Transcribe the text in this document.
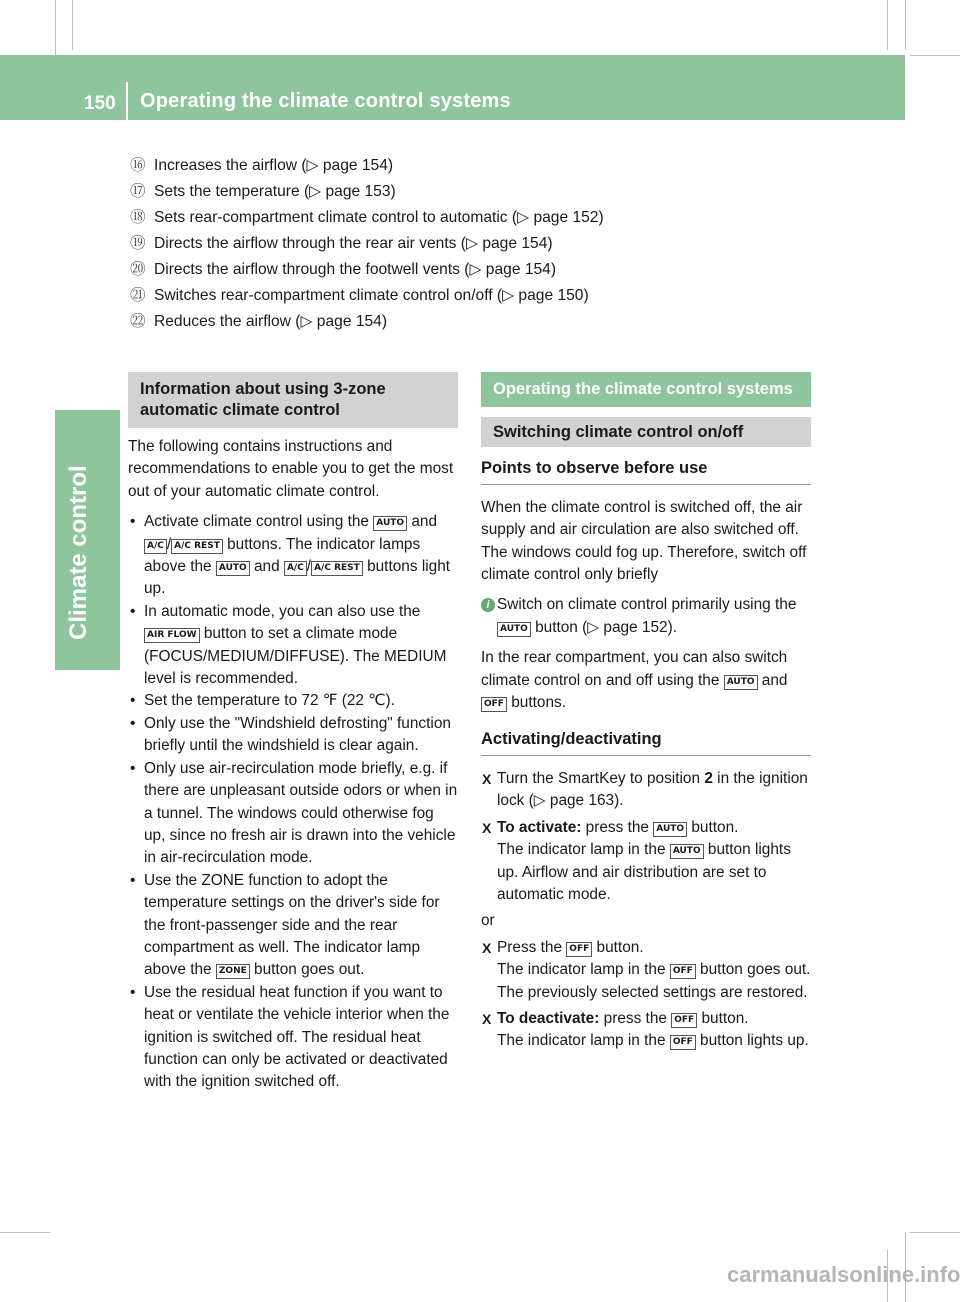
Climate control
150 Operating the climate control systems
⑯ Increases the airflow (▷ page 154)
⑰ Sets the temperature (▷ page 153)
⑱ Sets rear-compartment climate control to automatic (▷ page 152)
⑲ Directs the airflow through the rear air vents (▷ page 154)
⑳ Directs the airflow through the footwell vents (▷ page 154)
㉑ Switches rear-compartment climate control on/off (▷ page 150)
㉒ Reduces the airflow (▷ page 154)
Information about using 3-zone automatic climate control

The following contains instructions and recommendations to enable you to get the most out of your automatic climate control.

• Activate climate control using the AUTO and A/C / A/C REST buttons. The indicator lamps above the AUTO and A/C / A/C REST buttons light up.
• In automatic mode, you can also use the AIR FLOW button to set a climate mode (FOCUS/MEDIUM/DIFFUSE). The MEDIUM level is recommended.
• Set the temperature to 72 ℉ (22 ℃).
• Only use the "Windshield defrosting" function briefly until the windshield is clear again.
• Only use air-recirculation mode briefly, e.g. if there are unpleasant outside odors or when in a tunnel. The windows could otherwise fog up, since no fresh air is drawn into the vehicle in air-recirculation mode.
• Use the ZONE function to adopt the temperature settings on the driver's side for the front-passenger side and the rear compartment as well. The indicator lamp above the ZONE button goes out.
• Use the residual heat function if you want to heat or ventilate the vehicle interior when the ignition is switched off. The residual heat function can only be activated or deactivated with the ignition switched off.
Operating the climate control systems
Switching climate control on/off
Points to observe before use

When the climate control is switched off, the air supply and air circulation are also switched off. The windows could fog up. Therefore, switch off climate control only briefly

i Switch on climate control primarily using the AUTO button (▷ page 152).

In the rear compartment, you can also switch climate control on and off using the AUTO and OFF buttons.

Activating/deactivating
X Turn the SmartKey to position 2 in the ignition lock (▷ page 163).
X To activate: press the AUTO button.
The indicator lamp in the AUTO button lights up. Airflow and air distribution are set to automatic mode.

or

X Press the OFF button.
The indicator lamp in the OFF button goes out. The previously selected settings are restored.
X To deactivate: press the OFF button.
The indicator lamp in the OFF button lights up.
carmanualsonline.info
